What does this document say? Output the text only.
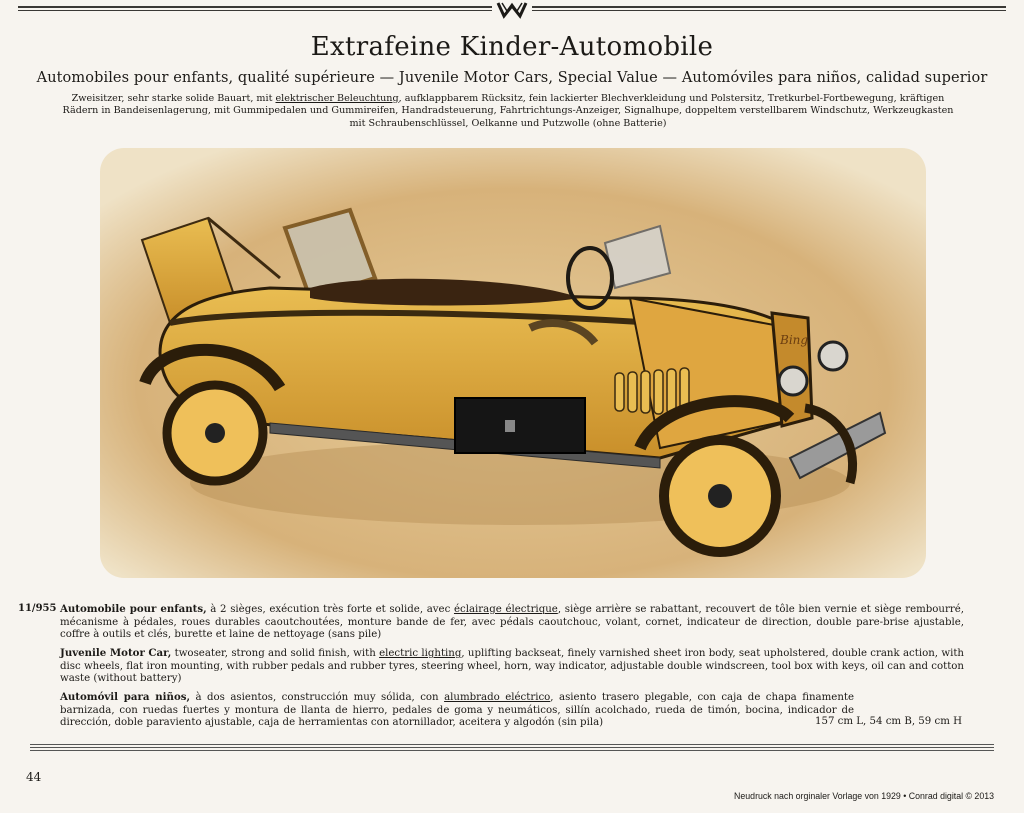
Extrafeine Kinder-Automobile
Automobiles pour enfants, qualité supérieure — Juvenile Motor Cars, Special Value — Automóviles para niños, calidad superior
Zweisitzer, sehr starke solide Bauart, mit elektrischer Beleuchtung, aufklappbarem Rücksitz, fein lackierter Blechverkleidung und Polstersitz, Tretkurbel-Fortbewegung, kräftigen Rädern in Bandeisenlagerung, mit Gummipedalen und Gummireifen, Handradsteuerung, Fahrtrichtungs-Anzeiger, Signalhupe, doppeltem verstellbarem Windschutz, Werkzeugkasten mit Schraubenschlüssel, Oelkanne und Putzwolle (ohne Batterie)
Bing
11/955 Automobile pour enfants, à 2 sièges, exécution très forte et solide, avec éclairage électrique, siège arrière se rabattant, recouvert de tôle bien vernie et siège rembourré, mécanisme à pédales, roues durables caoutchoutées, monture bande de fer, avec pédals caoutchouc, volant, cornet, indicateur de direction, double pare-brise ajustable, coffre à outils et clés, burette et laine de nettoyage (sans pile)
Juvenile Motor Car, twoseater, strong and solid finish, with electric lighting, uplifting backseat, finely varnished sheet iron body, seat upholstered, double crank action, with disc wheels, flat iron mounting, with rubber pedals and rubber tyres, steering wheel, horn, way indicator, adjustable double windscreen, tool box with keys, oil can and cotton waste (without battery)
Automóvil para niños, à dos asientos, construcción muy sólida, con alumbrado eléctrico, asiento trasero plegable, con caja de chapa finamente barnizada, con ruedas fuertes y montura de llanta de hierro, pedales de goma y neumáticos, sillín acolchado, rueda de timón, bocina, indicador de dirección, doble paraviento ajustable, caja de herramientas con atornillador, aceitera y algodón (sin pila)	157 cm L, 54 cm B, 59 cm H
44
Neudruck nach orginaler Vorlage von 1929 • Conrad digital © 2013
